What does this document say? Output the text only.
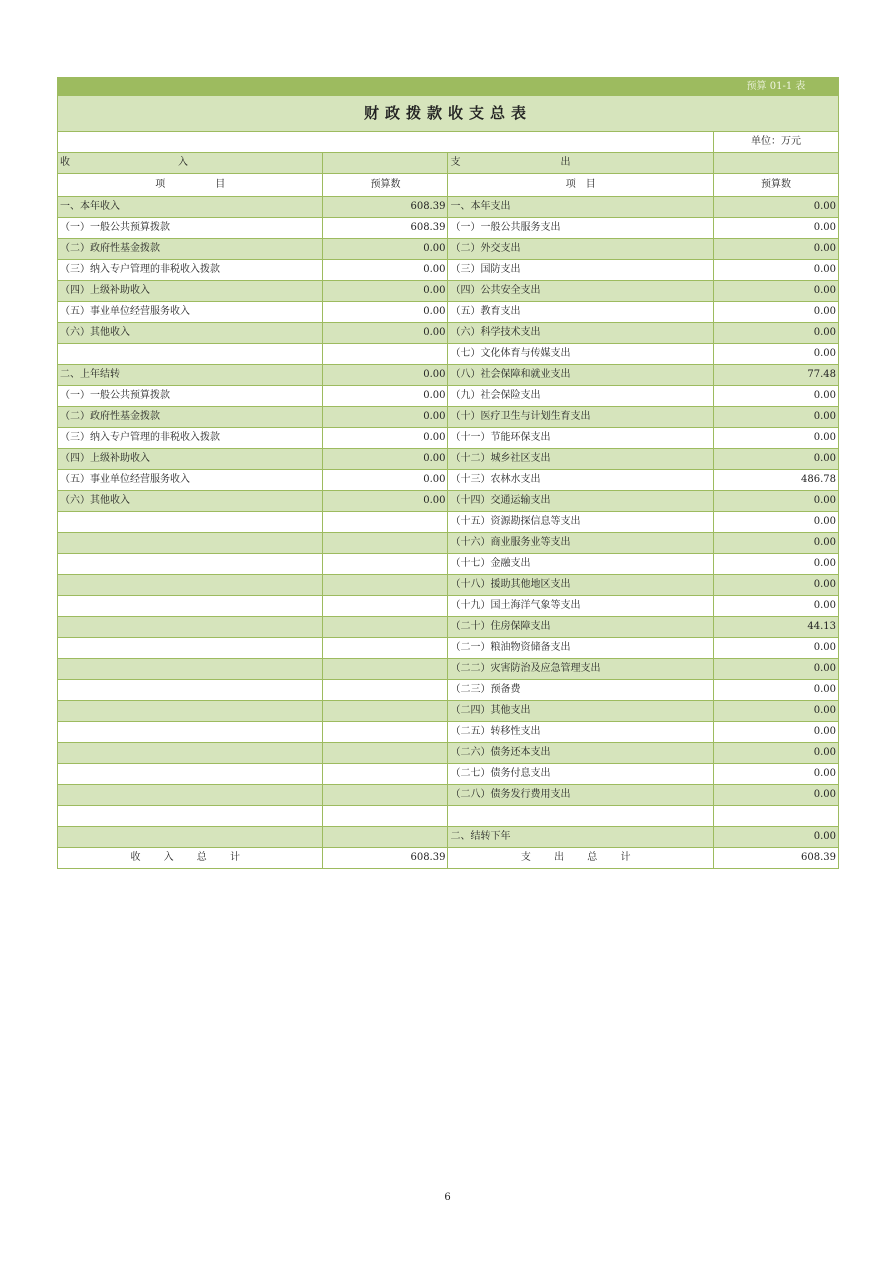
			预算 01-1 表
财政拨款收支总表			
			单位：万元
收 入		支 出	
项 目	预算数	项 目	预算数
一、本年收入	608.39	一、本年支出	0.00
（一）一般公共预算拨款	608.39	（一）一般公共服务支出	0.00
（二）政府性基金拨款	0.00	（二）外交支出	0.00
（三）纳入专户管理的非税收入拨款	0.00	（三）国防支出	0.00
（四）上级补助收入	0.00	（四）公共安全支出	0.00
（五）事业单位经营服务收入	0.00	（五）教育支出	0.00
（六）其他收入	0.00	（六）科学技术支出	0.00
		（七）文化体育与传媒支出	0.00
二、上年结转	0.00	（八）社会保障和就业支出	77.48
（一）一般公共预算拨款	0.00	（九）社会保险支出	0.00
（二）政府性基金拨款	0.00	（十）医疗卫生与计划生育支出	0.00
（三）纳入专户管理的非税收入拨款	0.00	（十一）节能环保支出	0.00
（四）上级补助收入	0.00	（十二）城乡社区支出	0.00
（五）事业单位经营服务收入	0.00	（十三）农林水支出	486.78
（六）其他收入	0.00	（十四）交通运输支出	0.00
		（十五）资源勘探信息等支出	0.00
		（十六）商业服务业等支出	0.00
		（十七）金融支出	0.00
		（十八）援助其他地区支出	0.00
		（十九）国土海洋气象等支出	0.00
		（二十）住房保障支出	44.13
		（二一）粮油物资储备支出	0.00
		（二二）灾害防治及应急管理支出	0.00
		（二三）预备费	0.00
		（二四）其他支出	0.00
		（二五）转移性支出	0.00
		（二六）债务还本支出	0.00
		（二七）债务付息支出	0.00
		（二八）债务发行费用支出	0.00

		二、结转下年	0.00
收 入 总 计	608.39	支 出 总 计	608.39
6
